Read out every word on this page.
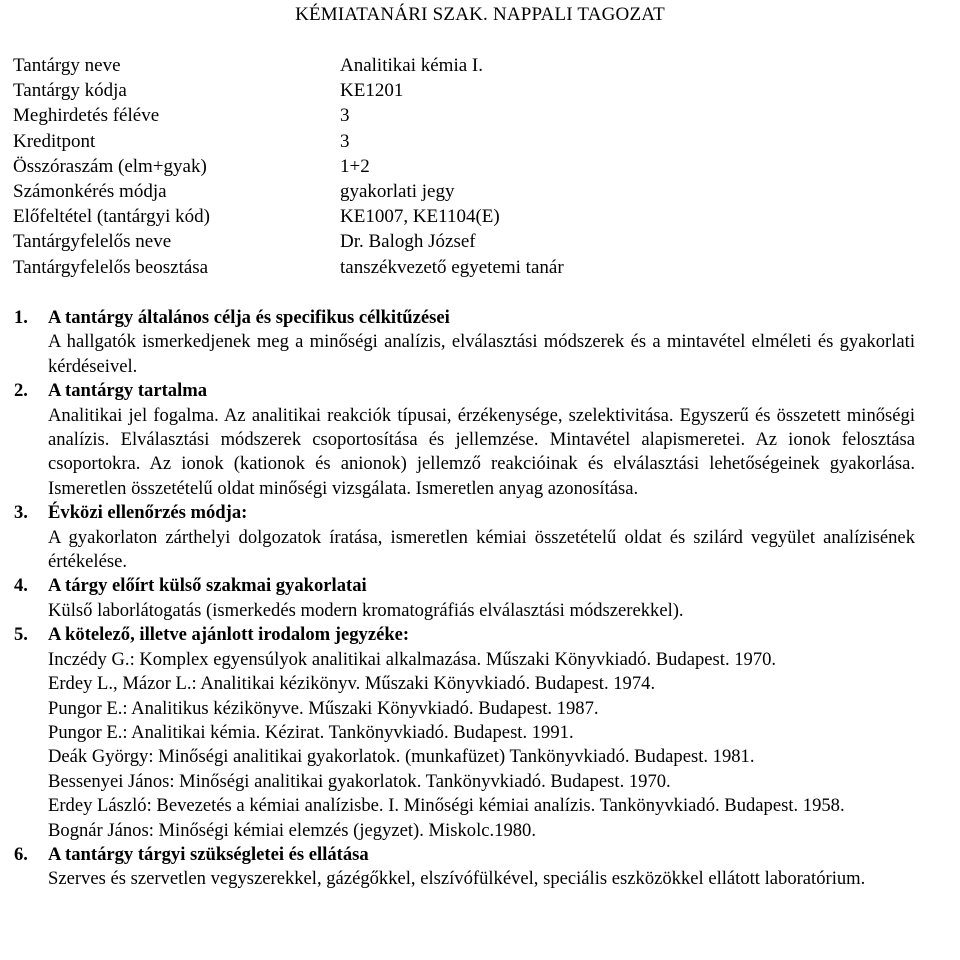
KÉMIATANÁRI SZAK. NAPPALI TAGOZAT
Tantárgy neve	Analitikai kémia I.
Tantárgy kódja	KE1201
Meghirdetés féléve	3
Kreditpont	3
Összóraszám (elm+gyak)	1+2
Számonkérés módja	gyakorlati jegy
Előfeltétel (tantárgyi kód)	KE1007, KE1104(E)
Tantárgyfelelős neve	Dr. Balogh József
Tantárgyfelelős beosztása	tanszékvezető egyetemi tanár
1. A tantárgy általános célja és specifikus célkitűzései
A hallgatók ismerkedjenek meg a minőségi analízis, elválasztási módszerek és a mintavétel elméleti és gyakorlati kérdéseivel.
2. A tantárgy tartalma
Analitikai jel fogalma. Az analitikai reakciók típusai, érzékenysége, szelektivitása. Egyszerű és összetett minőségi analízis. Elválasztási módszerek csoportosítása és jellemzése. Mintavétel alapismeretei. Az ionok felosztása csoportokra. Az ionok (kationok és anionok) jellemző reakcióinak és elválasztási lehetőségeinek gyakorlása. Ismeretlen összetételű oldat minőségi vizsgálata. Ismeretlen anyag azonosítása.
3. Évközi ellenőrzés módja:
A gyakorlaton zárthelyi dolgozatok íratása, ismeretlen kémiai összetételű oldat és szilárd vegyület analízisének értékelése.
4. A tárgy előírt külső szakmai gyakorlatai
Külső laborlátogatás (ismerkedés modern kromatográfiás elválasztási módszerekkel).
5. A kötelező, illetve ajánlott irodalom jegyzéke:
Inczédy G.: Komplex egyensúlyok analitikai alkalmazása. Műszaki Könyvkiadó. Budapest. 1970.
Erdey L., Mázor L.: Analitikai kézikönyv. Műszaki Könyvkiadó. Budapest. 1974.
Pungor E.: Analitikus kézikönyve. Műszaki Könyvkiadó. Budapest. 1987.
Pungor E.: Analitikai kémia. Kézirat. Tankönyvkiadó. Budapest. 1991.
Deák György: Minőségi analitikai gyakorlatok. (munkafüzet) Tankönyvkiadó. Budapest. 1981.
Bessenyei János: Minőségi analitikai gyakorlatok. Tankönyvkiadó. Budapest. 1970.
Erdey László: Bevezetés a kémiai analízisbe. I. Minőségi kémiai analízis. Tankönyvkiadó. Budapest. 1958.
Bognár János: Minőségi kémiai elemzés (jegyzet). Miskolc.1980.
6. A tantárgy tárgyi szükségletei és ellátása
Szerves és szervetlen vegyszerekkel, gázégőkkel, elszívófülkével, speciális eszközökkel ellátott laboratórium.
